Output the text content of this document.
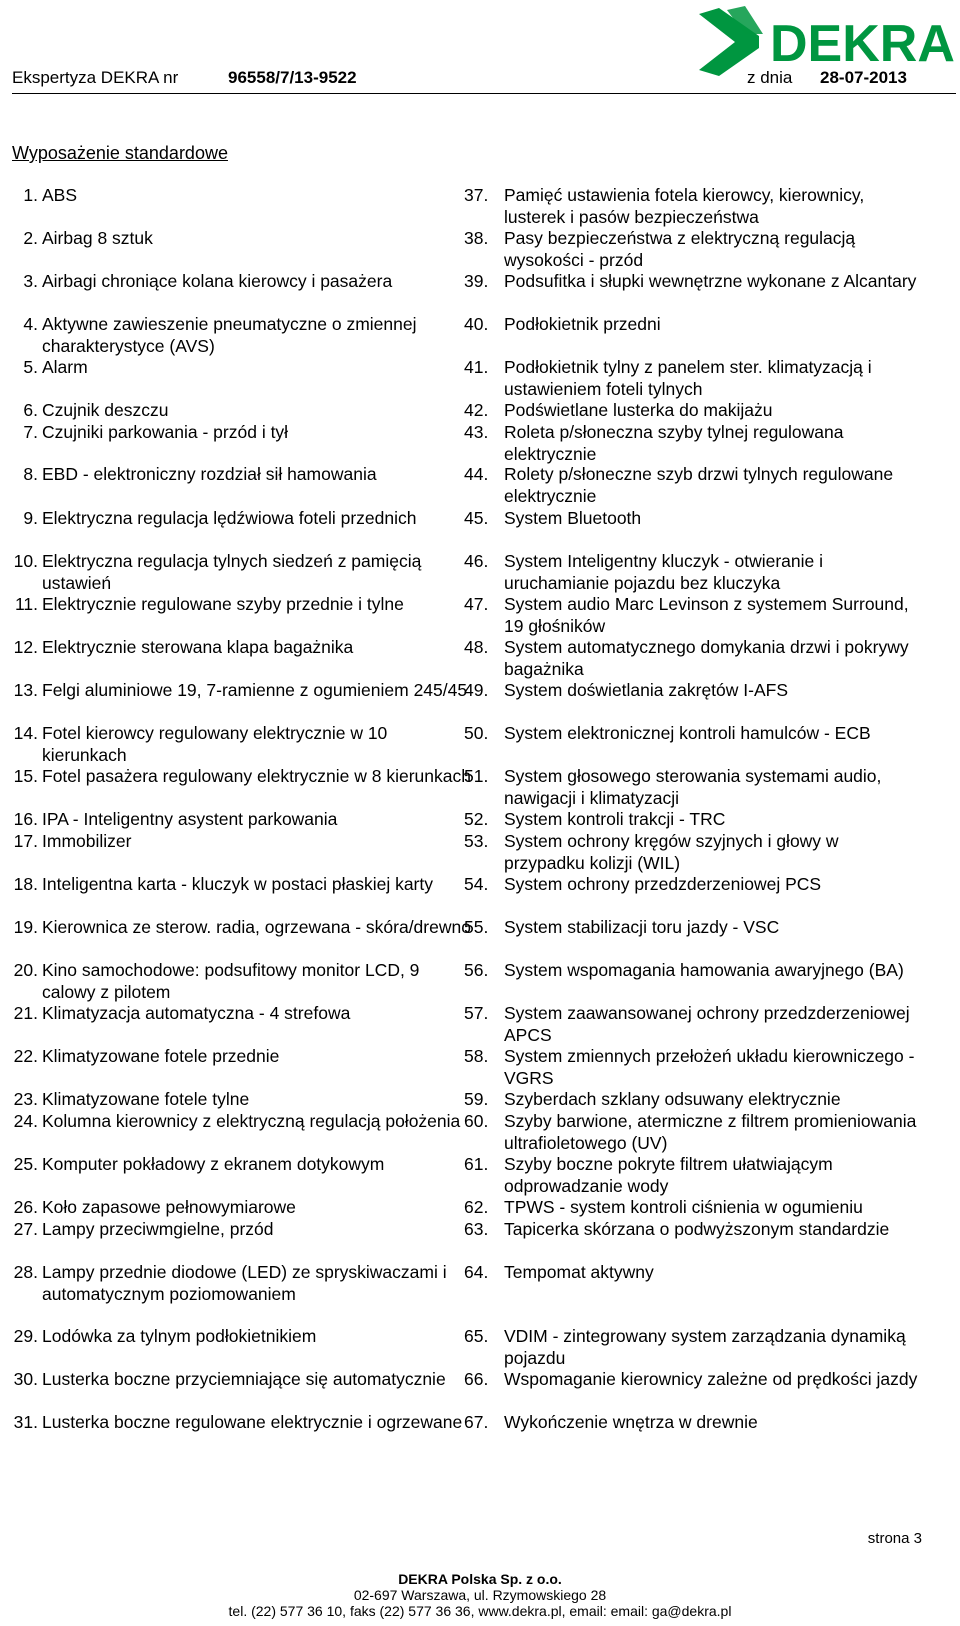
Ekspertyza DEKRA nr	96558/7/13-9522	z dnia 28-07-2013
DEKRA
Wyposażenie standardowe
1. ABS
2. Airbag 8 sztuk
3. Airbagi chroniące kolana kierowcy i pasażera
4. Aktywne zawieszenie pneumatyczne o zmiennej charakterystyce (AVS)
5. Alarm
6. Czujnik deszczu
7. Czujniki parkowania - przód i tył
8. EBD - elektroniczny rozdział sił hamowania
9. Elektryczna regulacja lędźwiowa foteli przednich
10. Elektryczna regulacja tylnych siedzeń z pamięcią ustawień
11. Elektrycznie regulowane szyby przednie i tylne
12. Elektrycznie sterowana klapa bagażnika
13. Felgi aluminiowe 19, 7-ramienne z ogumieniem 245/45
14. Fotel kierowcy regulowany elektrycznie w 10 kierunkach
15. Fotel pasażera regulowany elektrycznie w 8 kierunkach
16. IPA - Inteligentny asystent parkowania
17. Immobilizer
18. Inteligentna karta - kluczyk w postaci płaskiej karty
19. Kierownica ze sterow. radia, ogrzewana - skóra/drewno
20. Kino samochodowe: podsufitowy monitor LCD, 9 calowy z pilotem
21. Klimatyzacja automatyczna - 4 strefowa
22. Klimatyzowane fotele przednie
23. Klimatyzowane fotele tylne
24. Kolumna kierownicy z elektryczną regulacją położenia
25. Komputer pokładowy z ekranem dotykowym
26. Koło zapasowe pełnowymiarowe
27. Lampy przeciwmgielne, przód
28. Lampy przednie diodowe (LED) ze spryskiwaczami i automatycznym poziomowaniem
29. Lodówka za tylnym podłokietnikiem
30. Lusterka boczne przyciemniające się automatycznie
31. Lusterka boczne regulowane elektrycznie i ogrzewane
37. Pamięć ustawienia fotela kierowcy, kierownicy, lusterek i pasów bezpieczeństwa
38. Pasy bezpieczeństwa z elektryczną regulacją wysokości - przód
39. Podsufitka i słupki wewnętrzne wykonane z Alcantary
40. Podłokietnik przedni
41. Podłokietnik tylny z panelem ster. klimatyzacją i ustawieniem foteli tylnych
42. Podświetlane lusterka do makijażu
43. Roleta p/słoneczna szyby tylnej regulowana elektrycznie
44. Rolety p/słoneczne szyb drzwi tylnych regulowane elektrycznie
45. System Bluetooth
46. System Inteligentny kluczyk - otwieranie i uruchamianie pojazdu bez kluczyka
47. System audio Marc Levinson z systemem Surround, 19 głośników
48. System automatycznego domykania drzwi i pokrywy bagażnika
49. System doświetlania zakrętów I-AFS
50. System elektronicznej kontroli hamulców - ECB
51. System głosowego sterowania systemami audio, nawigacji i klimatyzacji
52. System kontroli trakcji - TRC
53. System ochrony kręgów szyjnych i głowy w przypadku kolizji (WIL)
54. System ochrony przedzderzeniowej PCS
55. System stabilizacji toru jazdy - VSC
56. System wspomagania hamowania awaryjnego (BA)
57. System zaawansowanej ochrony przedzderzeniowej APCS
58. System zmiennych przełożeń układu kierowniczego - VGRS
59. Szyberdach szklany odsuwany elektrycznie
60. Szyby barwione, atermiczne z filtrem promieniowania ultrafioletowego (UV)
61. Szyby boczne pokryte filtrem ułatwiającym odprowadzanie wody
62. TPWS - system kontroli ciśnienia w ogumieniu
63. Tapicerka skórzana o podwyższonym standardzie
64. Tempomat aktywny
65. VDIM - zintegrowany system zarządzania dynamiką pojazdu
66. Wspomaganie kierownicy zależne od prędkości jazdy
67. Wykończenie wnętrza w drewnie
strona 3
DEKRA Polska Sp. z o.o.
02-697 Warszawa, ul. Rzymowskiego 28
tel. (22) 577 36 10, faks (22) 577 36 36, www.dekra.pl, email: email: ga@dekra.pl
